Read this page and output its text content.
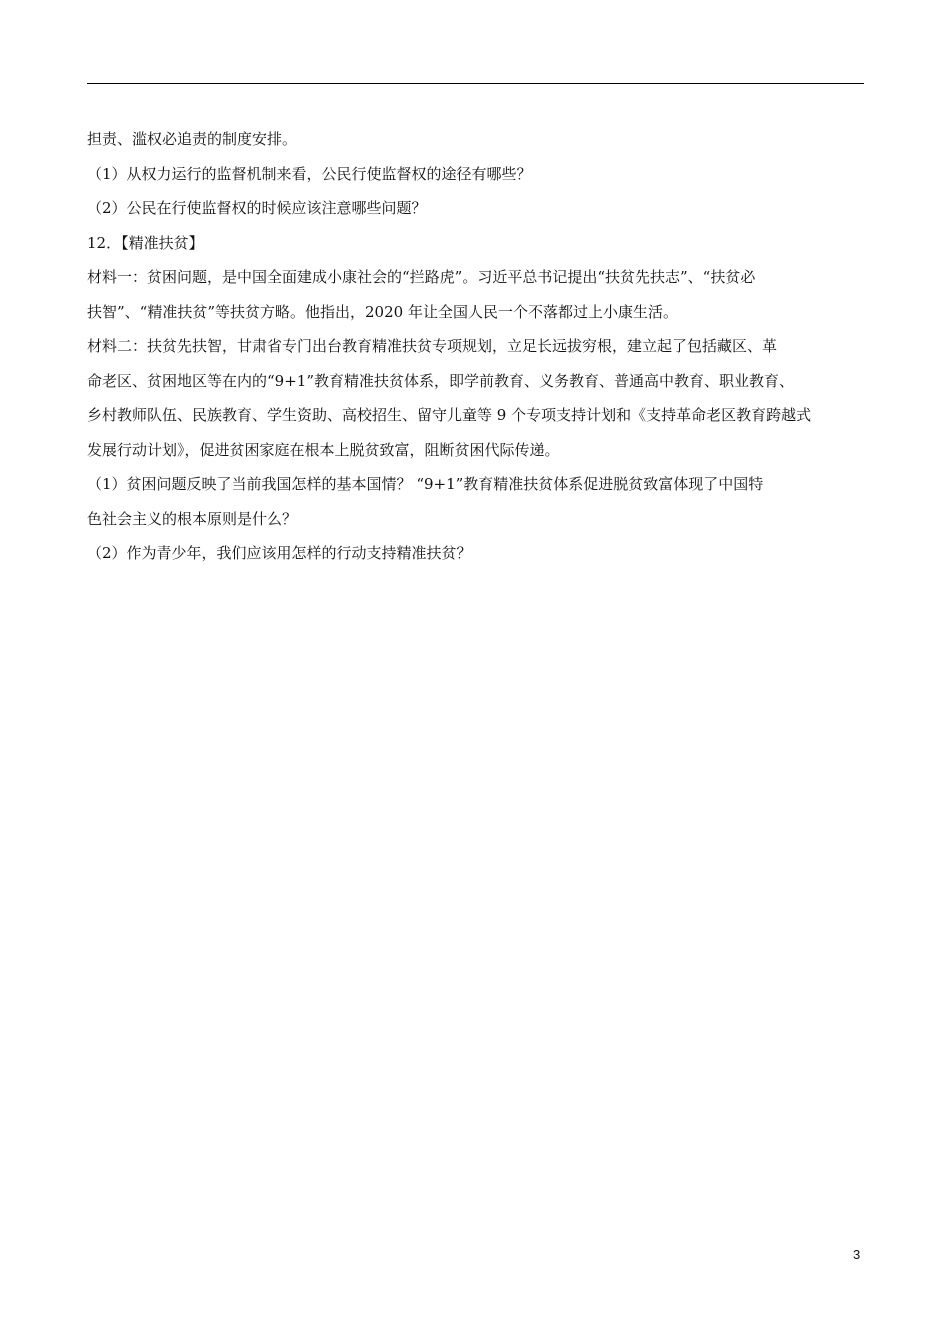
担责、滥权必追责的制度安排。
（1）从权力运行的监督机制来看，公民行使监督权的途径有哪些？
（2）公民在行使监督权的时候应该注意哪些问题？
12．【精准扶贫】
材料一：贫困问题，是中国全面建成小康社会的“拦路虎”。习近平总书记提出“扶贫先扶志”、“扶贫必
扶智”、“精准扶贫”等扶贫方略。他指出，2020 年让全国人民一个不落都过上小康生活。
材料二：扶贫先扶智，甘肃省专门出台教育精准扶贫专项规划，立足长远拔穷根，建立起了包括藏区、革
命老区、贫困地区等在内的“9+1”教育精准扶贫体系，即学前教育、义务教育、普通高中教育、职业教育、
乡村教师队伍、民族教育、学生资助、高校招生、留守儿童等 9 个专项支持计划和《支持革命老区教育跨越式
发展行动计划》，促进贫困家庭在根本上脱贫致富，阻断贫困代际传递。
（1）贫困问题反映了当前我国怎样的基本国情？ “9+1”教育精准扶贫体系促进脱贫致富体现了中国特
色社会主义的根本原则是什么？
（2）作为青少年，我们应该用怎样的行动支持精准扶贫？
3
